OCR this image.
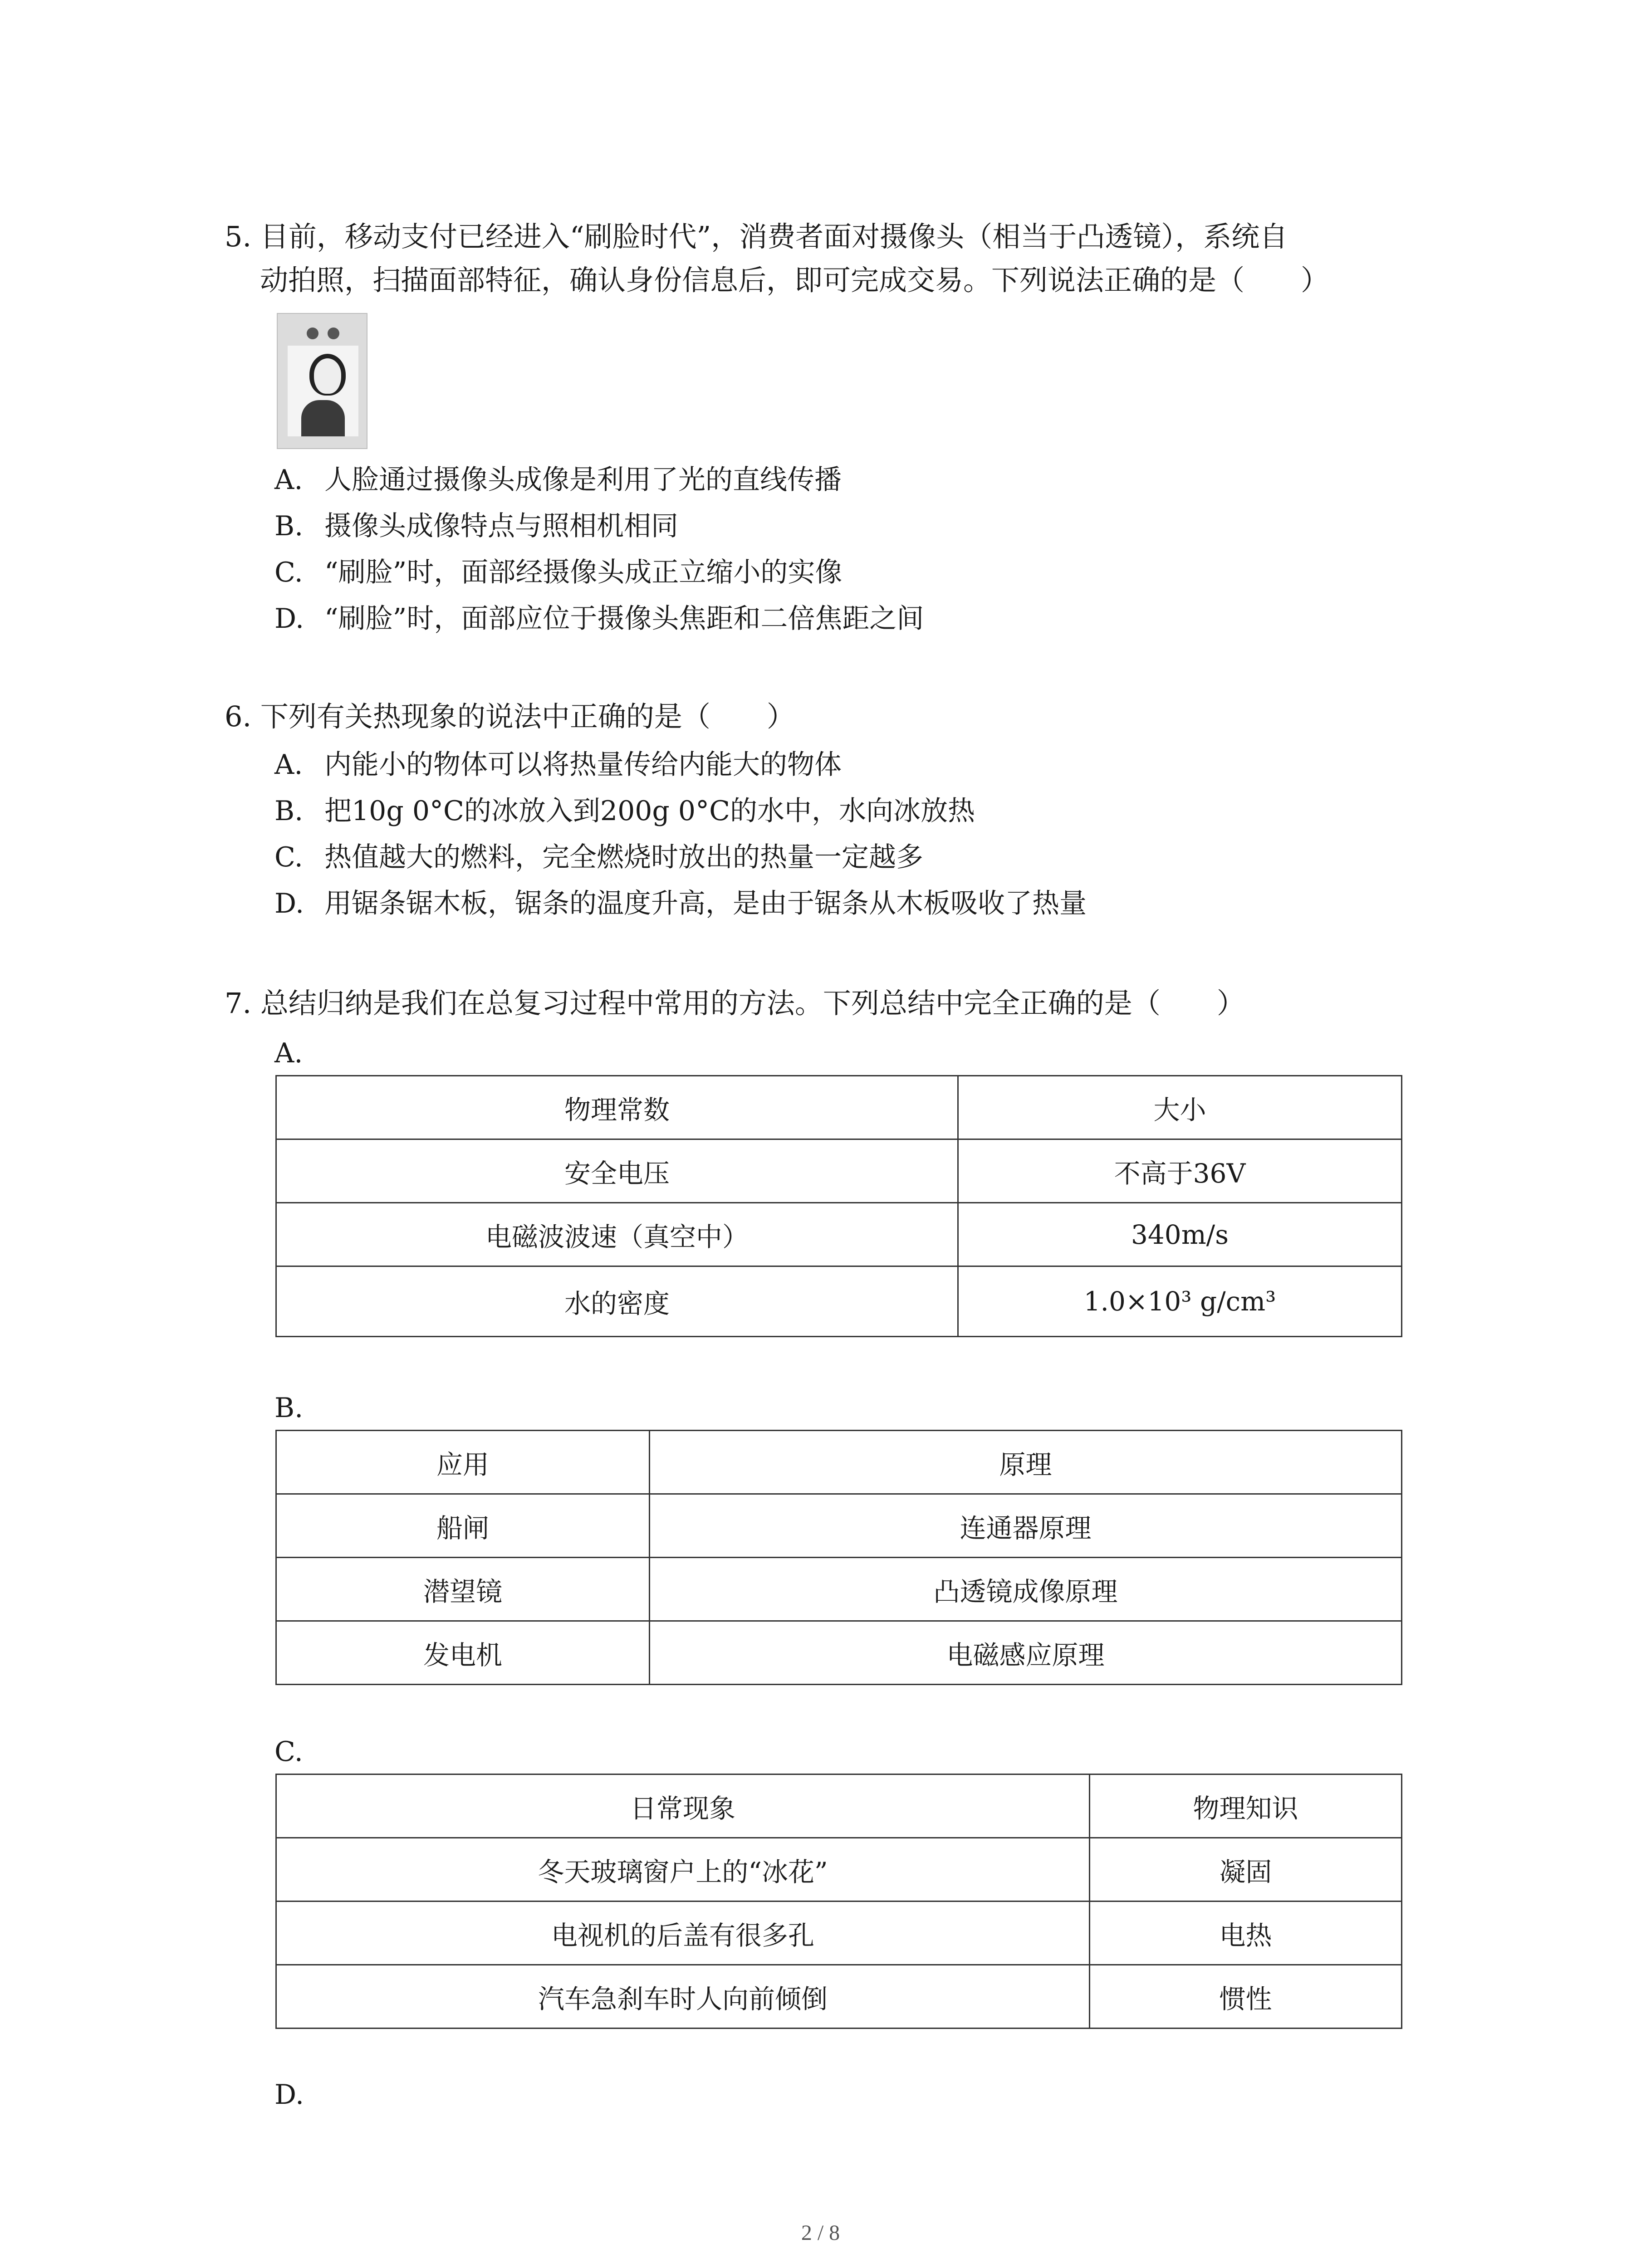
5. 目前，移动支付已经进入“刷脸时代”，消费者面对摄像头（相当于凸透镜），系统自
动拍照，扫描面部特征，确认身份信息后，即可完成交易。下列说法正确的是（　　）
A. 人脸通过摄像头成像是利用了光的直线传播
B. 摄像头成像特点与照相机相同
C. “刷脸”时，面部经摄像头成正立缩小的实像
D. “刷脸”时，面部应位于摄像头焦距和二倍焦距之间
6. 下列有关热现象的说法中正确的是（　　）
A. 内能小的物体可以将热量传给内能大的物体
B. 把10g 0°C的冰放入到200g 0°C的水中，水向冰放热
C. 热值越大的燃料，完全燃烧时放出的热量一定越多
D. 用锯条锯木板，锯条的温度升高，是由于锯条从木板吸收了热量
7. 总结归纳是我们在总复习过程中常用的方法。下列总结中完全正确的是（　　）
A.
物理常数	大小
安全电压	不高于36V
电磁波波速（真空中）	340m/s
水的密度	1.0×10³ g/cm³
B.
应用	原理
船闸	连通器原理
潜望镜	凸透镜成像原理
发电机	电磁感应原理
C.
日常现象	物理知识
冬天玻璃窗户上的“冰花”	凝固
电视机的后盖有很多孔	电热
汽车急刹车时人向前倾倒	惯性
D.
2 / 8
